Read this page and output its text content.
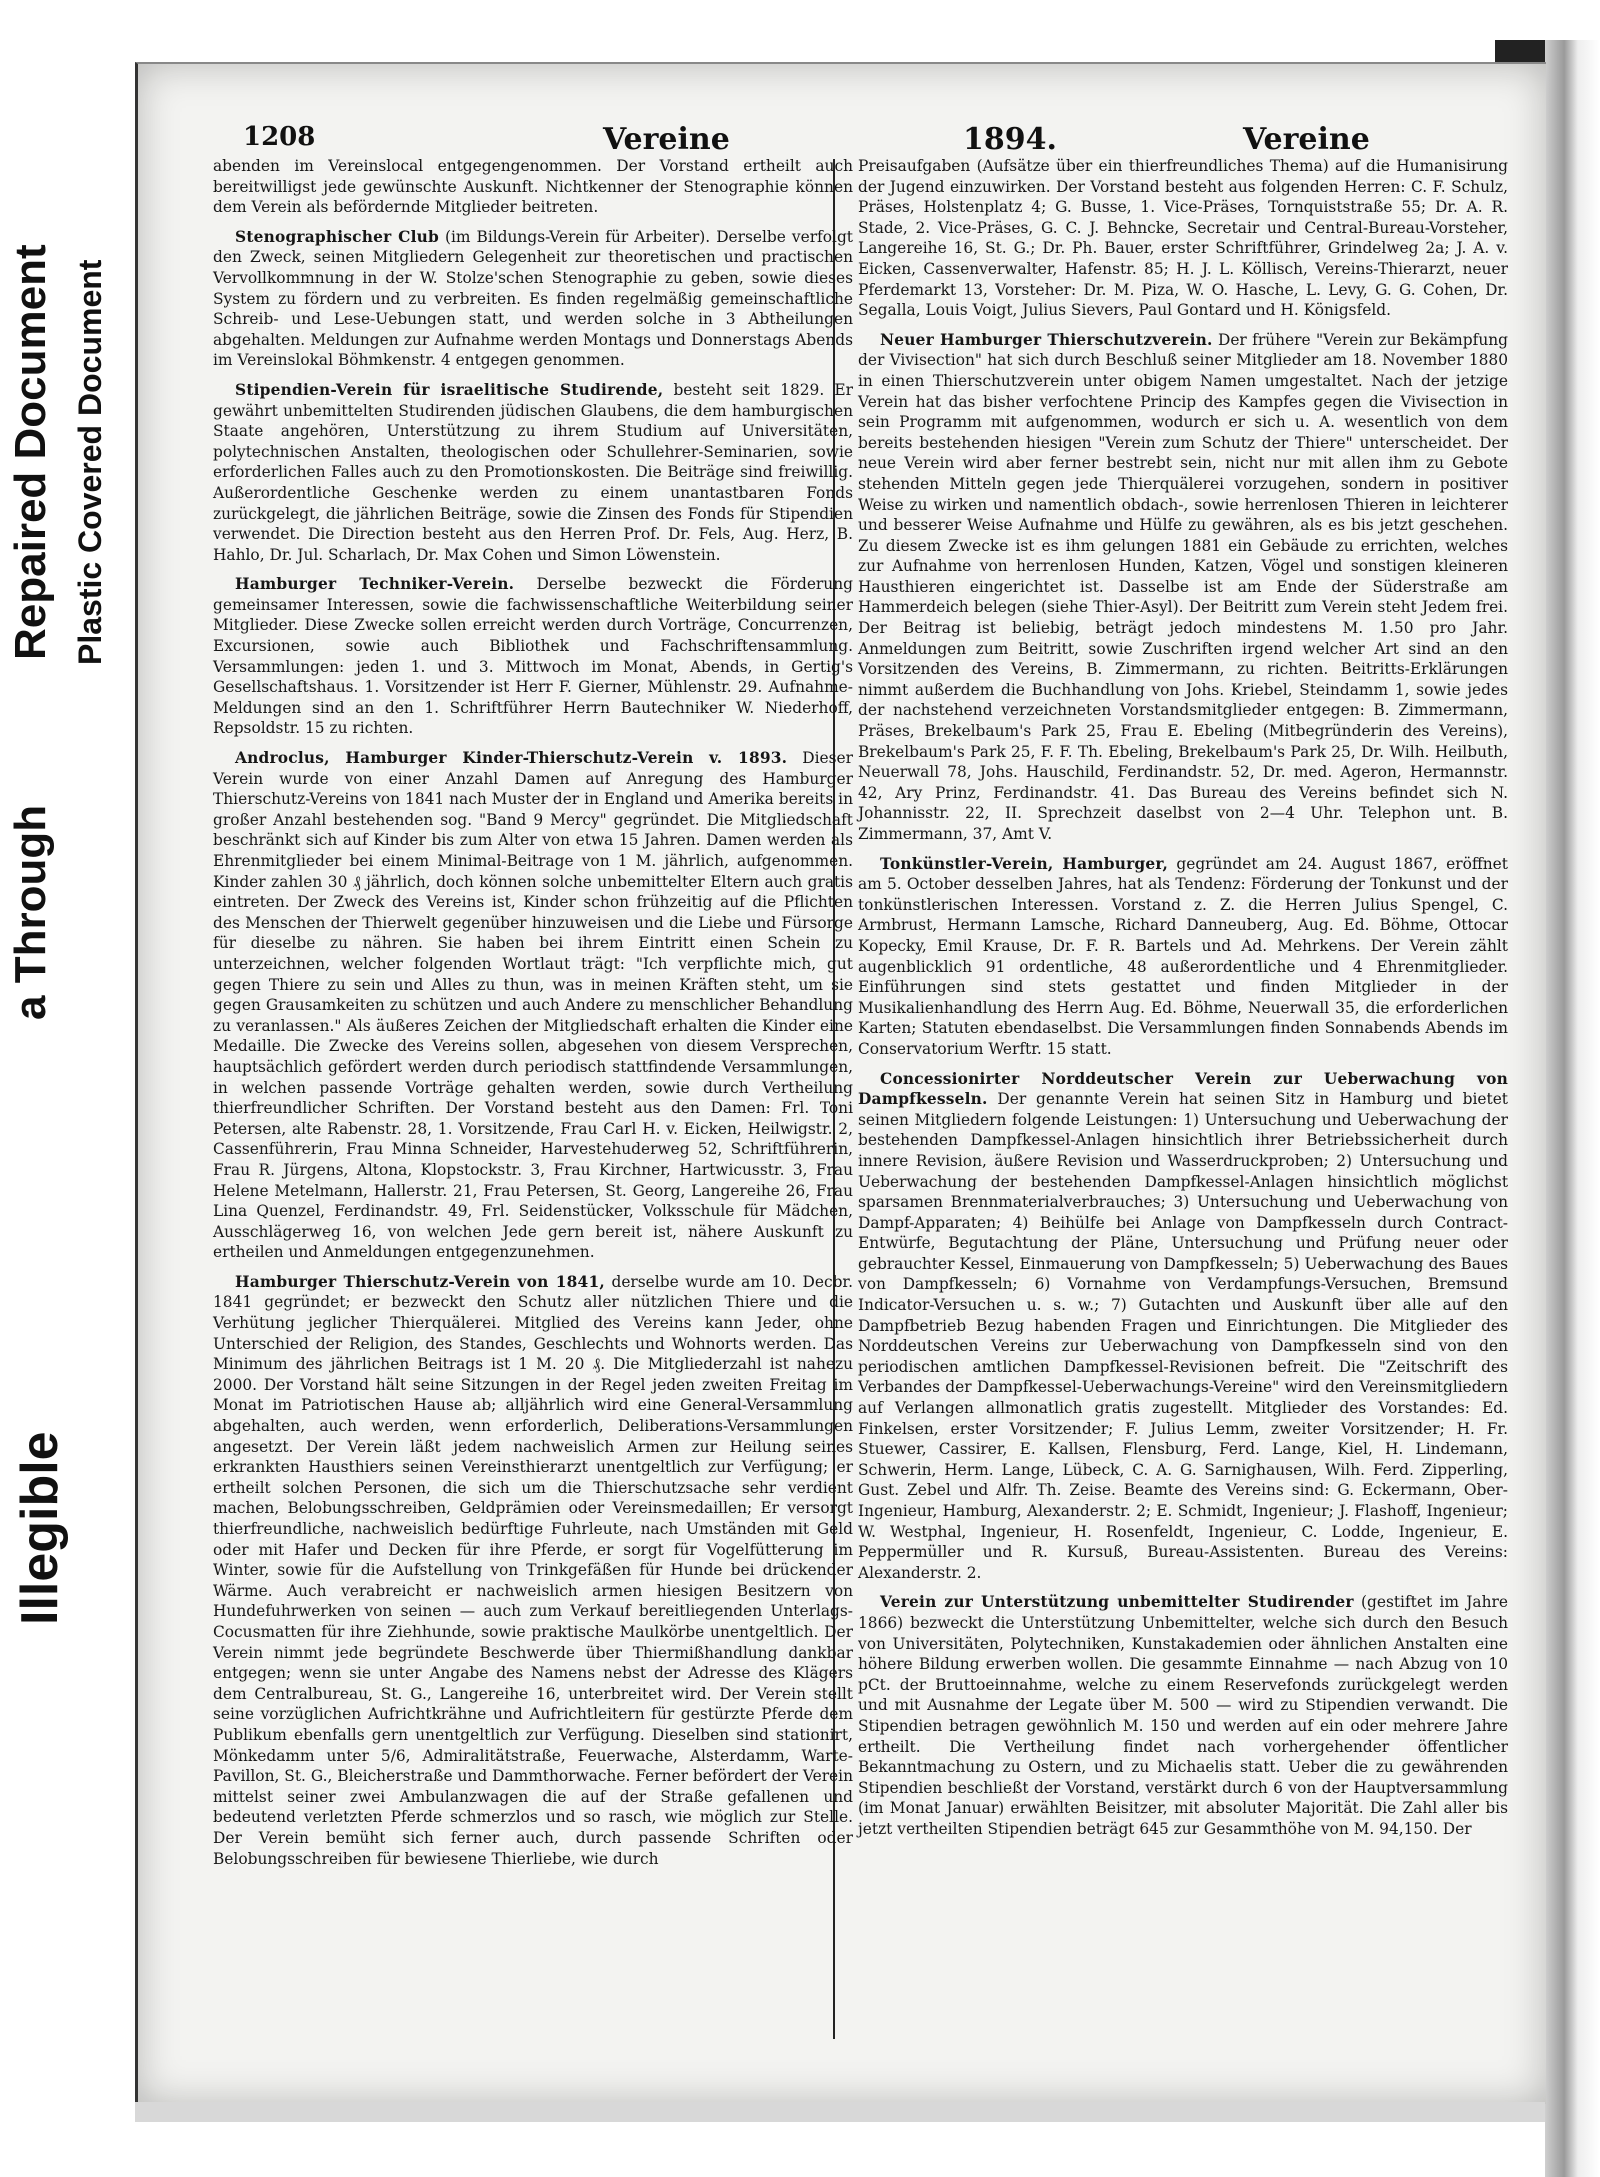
Illegible
a Through
Repaired Document Plastic Covered Document
1208	Vereine	1894.	Vereine
abenden im Vereinslocal entgegengenommen. Der Vorstand ertheilt auch bereitwilligst jede gewünschte Auskunft. Nichtkenner der Stenographie können dem Verein als befördernde Mitglieder beitreten.

Stenographischer Club (im Bildungs-Verein für Arbeiter). Derselbe verfolgt den Zweck, seinen Mitgliedern Gelegenheit zur theoretischen und practischen Vervollkommnung in der W. Stolze'schen Stenographie zu geben, sowie dieses System zu fördern und zu verbreiten. Es finden regelmäßig gemeinschaftliche Schreib- und Lese-Uebungen statt, und werden solche in 3 Abtheilungen abgehalten. Meldungen zur Aufnahme werden Montags und Donnerstags Abends im Vereinslokal Böhmkenstr. 4 entgegen genommen.

Stipendien-Verein für israelitische Studirende, besteht seit 1829. Er gewährt unbemittelten Studirenden jüdischen Glaubens, die dem hamburgischen Staate angehören, Unterstützung zu ihrem Studium auf Universitäten, polytechnischen Anstalten, theologischen oder Schullehrer-Seminarien, sowie erforderlichen Falles auch zu den Promotionskosten. Die Beiträge sind freiwillig. Außerordentliche Geschenke werden zu einem unantastbaren Fonds zurückgelegt, die jährlichen Beiträge, sowie die Zinsen des Fonds für Stipendien verwendet. Die Direction besteht aus den Herren Prof. Dr. Fels, Aug. Herz, B. Hahlo, Dr. Jul. Scharlach, Dr. Max Cohen und Simon Löwenstein.

Hamburger Techniker-Verein. Derselbe bezweckt die Förderung gemeinsamer Interessen, sowie die fachwissenschaftliche Weiterbildung seiner Mitglieder. Diese Zwecke sollen erreicht werden durch Vorträge, Concurrenzen, Excursionen, sowie auch Bibliothek und Fachschriftensammlung. Versammlungen: jeden 1. und 3. Mittwoch im Monat, Abends, in Gertig's Gesellschaftshaus. 1. Vorsitzender ist Herr F. Gierner, Mühlenstr. 29. Aufnahme-Meldungen sind an den 1. Schriftführer Herrn Bautechniker W. Niederhoff, Repsoldstr. 15 zu richten.

Androclus, Hamburger Kinder-Thierschutz-Verein v. 1893. Dieser Verein wurde von einer Anzahl Damen auf Anregung des Hamburger Thierschutz-Vereins von 1841 nach Muster der in England und Amerika bereits in großer Anzahl bestehenden sog. "Band 9 Mercy" gegründet. Die Mitgliedschaft beschränkt sich auf Kinder bis zum Alter von etwa 15 Jahren. Damen werden als Ehrenmitglieder bei einem Minimal-Beitrage von 1 M. jährlich, aufgenommen. Kinder zahlen 30 ₰ jährlich, doch können solche unbemittelter Eltern auch gratis eintreten. Der Zweck des Vereins ist, Kinder schon frühzeitig auf die Pflichten des Menschen der Thierwelt gegenüber hinzuweisen und die Liebe und Fürsorge für dieselbe zu nähren. Sie haben bei ihrem Eintritt einen Schein zu unterzeichnen, welcher folgenden Wortlaut trägt: "Ich verpflichte mich, gut gegen Thiere zu sein und Alles zu thun, was in meinen Kräften steht, um sie gegen Grausamkeiten zu schützen und auch Andere zu menschlicher Behandlung zu veranlassen." Als äußeres Zeichen der Mitgliedschaft erhalten die Kinder eine Medaille. Die Zwecke des Vereins sollen, abgesehen von diesem Versprechen, hauptsächlich gefördert werden durch periodisch stattfindende Versammlungen, in welchen passende Vorträge gehalten werden, sowie durch Vertheilung thierfreundlicher Schriften. Der Vorstand besteht aus den Damen: Frl. Toni Petersen, alte Rabenstr. 28, 1. Vorsitzende, Frau Carl H. v. Eicken, Heilwigstr. 2, Cassenführerin, Frau Minna Schneider, Harvestehuderweg 52, Schriftführerin, Frau R. Jürgens, Altona, Klopstockstr. 3, Frau Kirchner, Hartwicusstr. 3, Frau Helene Metelmann, Hallerstr. 21, Frau Petersen, St. Georg, Langereihe 26, Frau Lina Quenzel, Ferdinandstr. 49, Frl. Seidenstücker, Volksschule für Mädchen, Ausschlägerweg 16, von welchen Jede gern bereit ist, nähere Auskunft zu ertheilen und Anmeldungen entgegenzunehmen.

Hamburger Thierschutz-Verein von 1841, derselbe wurde am 10. Decbr. 1841 gegründet; er bezweckt den Schutz aller nützlichen Thiere und die Verhütung jeglicher Thierquälerei. Mitglied des Vereins kann Jeder, ohne Unterschied der Religion, des Standes, Geschlechts und Wohnorts werden. Das Minimum des jährlichen Beitrags ist 1 M. 20 ₰. Die Mitgliederzahl ist nahezu 2000. Der Vorstand hält seine Sitzungen in der Regel jeden zweiten Freitag im Monat im Patriotischen Hause ab; alljährlich wird eine General-Versammlung abgehalten, auch werden, wenn erforderlich, Deliberations-Versammlungen angesetzt. Der Verein läßt jedem nachweislich Armen zur Heilung seines erkrankten Hausthiers seinen Vereinsthierarzt unentgeltlich zur Verfügung; er ertheilt solchen Personen, die sich um die Thierschutzsache sehr verdient machen, Belobungsschreiben, Geldprämien oder Vereinsmedaillen; Er versorgt thierfreundliche, nachweislich bedürftige Fuhrleute, nach Umständen mit Geld oder mit Hafer und Decken für ihre Pferde, er sorgt für Vogelfütterung im Winter, sowie für die Aufstellung von Trinkgefäßen für Hunde bei drückender Wärme. Auch verabreicht er nachweislich armen hiesigen Besitzern von Hundefuhrwerken von seinen — auch zum Verkauf bereitliegenden Unterlags-Cocusmatten für ihre Ziehhunde, sowie praktische Maulkörbe unentgeltlich. Der Verein nimmt jede begründete Beschwerde über Thiermißhandlung dankbar entgegen; wenn sie unter Angabe des Namens nebst der Adresse des Klägers dem Centralbureau, St. G., Langereihe 16, unterbreitet wird. Der Verein stellt seine vorzüglichen Aufrichtkrähne und Aufrichtleitern für gestürzte Pferde dem Publikum ebenfalls gern unentgeltlich zur Verfügung. Dieselben sind stationirt, Mönkedamm unter 5/6, Admiralitätstraße, Feuerwache, Alsterdamm, Warte-Pavillon, St. G., Bleicherstraße und Dammthorwache. Ferner befördert der Verein mittelst seiner zwei Ambulanzwagen die auf der Straße gefallenen und bedeutend verletzten Pferde schmerzlos und so rasch, wie möglich zur Stelle. Der Verein bemüht sich ferner auch, durch passende Schriften oder Belobungsschreiben für bewiesene Thierliebe, wie durch

Preisaufgaben (Aufsätze über ein thierfreundliches Thema) auf die Humanisirung der Jugend einzuwirken. Der Vorstand besteht aus folgenden Herren: C. F. Schulz, Präses, Holstenplatz 4; G. Busse, 1. Vice-Präses, Tornquiststraße 55; Dr. A. R. Stade, 2. Vice-Präses, G. C. J. Behncke, Secretair und Central-Bureau-Vorsteher, Langereihe 16, St. G.; Dr. Ph. Bauer, erster Schriftführer, Grindelweg 2a; J. A. v. Eicken, Cassenverwalter, Hafenstr. 85; H. J. L. Köllisch, Vereins-Thierarzt, neuer Pferdemarkt 13, Vorsteher: Dr. M. Piza, W. O. Hasche, L. Levy, G. G. Cohen, Dr. Segalla, Louis Voigt, Julius Sievers, Paul Gontard und H. Königsfeld.

Neuer Hamburger Thierschutzverein. Der frühere "Verein zur Bekämpfung der Vivisection" hat sich durch Beschluß seiner Mitglieder am 18. November 1880 in einen Thierschutzverein unter obigem Namen umgestaltet. Nach der jetzige Verein hat das bisher verfochtene Princip des Kampfes gegen die Vivisection in sein Programm mit aufgenommen, wodurch er sich u. A. wesentlich von dem bereits bestehenden hiesigen "Verein zum Schutz der Thiere" unterscheidet. Der neue Verein wird aber ferner bestrebt sein, nicht nur mit allen ihm zu Gebote stehenden Mitteln gegen jede Thierquälerei vorzugehen, sondern in positiver Weise zu wirken und namentlich obdach-, sowie herrenlosen Thieren in leichterer und besserer Weise Aufnahme und Hülfe zu gewähren, als es bis jetzt geschehen. Zu diesem Zwecke ist es ihm gelungen 1881 ein Gebäude zu errichten, welches zur Aufnahme von herrenlosen Hunden, Katzen, Vögel und sonstigen kleineren Hausthieren eingerichtet ist. Dasselbe ist am Ende der Süderstraße am Hammerdeich belegen (siehe Thier-Asyl). Der Beitritt zum Verein steht Jedem frei. Der Beitrag ist beliebig, beträgt jedoch mindestens M. 1.50 pro Jahr. Anmeldungen zum Beitritt, sowie Zuschriften irgend welcher Art sind an den Vorsitzenden des Vereins, B. Zimmermann, zu richten. Beitritts-Erklärungen nimmt außerdem die Buchhandlung von Johs. Kriebel, Steindamm 1, sowie jedes der nachstehend verzeichneten Vorstandsmitglieder entgegen: B. Zimmermann, Präses, Brekelbaum's Park 25, Frau E. Ebeling (Mitbegründerin des Vereins), Brekelbaum's Park 25, F. F. Th. Ebeling, Brekelbaum's Park 25, Dr. Wilh. Heilbuth, Neuerwall 78, Johs. Hauschild, Ferdinandstr. 52, Dr. med. Ageron, Hermannstr. 42, Ary Prinz, Ferdinandstr. 41. Das Bureau des Vereins befindet sich N. Johannisstr. 22, II. Sprechzeit daselbst von 2—4 Uhr. Telephon unt. B. Zimmermann, 37, Amt V.

Tonkünstler-Verein, Hamburger, gegründet am 24. August 1867, eröffnet am 5. October desselben Jahres, hat als Tendenz: Förderung der Tonkunst und der tonkünstlerischen Interessen. Vorstand z. Z. die Herren Julius Spengel, C. Armbrust, Hermann Lamsche, Richard Danneuberg, Aug. Ed. Böhme, Ottocar Kopecky, Emil Krause, Dr. F. R. Bartels und Ad. Mehrkens. Der Verein zählt augenblicklich 91 ordentliche, 48 außerordentliche und 4 Ehrenmitglieder. Einführungen sind stets gestattet und finden Mitglieder in der Musikalienhandlung des Herrn Aug. Ed. Böhme, Neuerwall 35, die erforderlichen Karten; Statuten ebendaselbst. Die Versammlungen finden Sonnabends Abends im Conservatorium Werftr. 15 statt.

Concessionirter Norddeutscher Verein zur Ueberwachung von Dampfkesseln. Der genannte Verein hat seinen Sitz in Hamburg und bietet seinen Mitgliedern folgende Leistungen: 1) Untersuchung und Ueberwachung der bestehenden Dampfkessel-Anlagen hinsichtlich ihrer Betriebssicherheit durch innere Revision, äußere Revision und Wasserdruckproben; 2) Untersuchung und Ueberwachung der bestehenden Dampfkessel-Anlagen hinsichtlich möglichst sparsamen Brennmaterialverbrauches; 3) Untersuchung und Ueberwachung von Dampf-Apparaten; 4) Beihülfe bei Anlage von Dampfkesseln durch Contract-Entwürfe, Begutachtung der Pläne, Untersuchung und Prüfung neuer oder gebrauchter Kessel, Einmauerung von Dampfkesseln; 5) Ueberwachung des Baues von Dampfkesseln; 6) Vornahme von Verdampfungs-Versuchen, Bremsund Indicator-Versuchen u. s. w.; 7) Gutachten und Auskunft über alle auf den Dampfbetrieb Bezug habenden Fragen und Einrichtungen. Die Mitglieder des Norddeutschen Vereins zur Ueberwachung von Dampfkesseln sind von den periodischen amtlichen Dampfkessel-Revisionen befreit. Die "Zeitschrift des Verbandes der Dampfkessel-Ueberwachungs-Vereine" wird den Vereinsmitgliedern auf Verlangen allmonatlich gratis zugestellt. Mitglieder des Vorstandes: Ed. Finkelsen, erster Vorsitzender; F. Julius Lemm, zweiter Vorsitzender; H. Fr. Stuewer, Cassirer, E. Kallsen, Flensburg, Ferd. Lange, Kiel, H. Lindemann, Schwerin, Herm. Lange, Lübeck, C. A. G. Sarnighausen, Wilh. Ferd. Zipperling, Gust. Zebel und Alfr. Th. Zeise. Beamte des Vereins sind: G. Eckermann, Ober-Ingenieur, Hamburg, Alexanderstr. 2; E. Schmidt, Ingenieur; J. Flashoff, Ingenieur; W. Westphal, Ingenieur, H. Rosenfeldt, Ingenieur, C. Lodde, Ingenieur, E. Peppermüller und R. Kursuß, Bureau-Assistenten. Bureau des Vereins: Alexanderstr. 2.

Verein zur Unterstützung unbemittelter Studirender (gestiftet im Jahre 1866) bezweckt die Unterstützung Unbemittelter, welche sich durch den Besuch von Universitäten, Polytechniken, Kunstakademien oder ähnlichen Anstalten eine höhere Bildung erwerben wollen. Die gesammte Einnahme — nach Abzug von 10 pCt. der Bruttoeinnahme, welche zu einem Reservefonds zurückgelegt werden und mit Ausnahme der Legate über M. 500 — wird zu Stipendien verwandt. Die Stipendien betragen gewöhnlich M. 150 und werden auf ein oder mehrere Jahre ertheilt. Die Vertheilung findet nach vorhergehender öffentlicher Bekanntmachung zu Ostern, und zu Michaelis statt. Ueber die zu gewährenden Stipendien beschließt der Vorstand, verstärkt durch 6 von der Hauptversammlung (im Monat Januar) erwählten Beisitzer, mit absoluter Majorität. Die Zahl aller bis jetzt vertheilten Stipendien beträgt 645 zur Gesammthöhe von M. 94,150. Der
